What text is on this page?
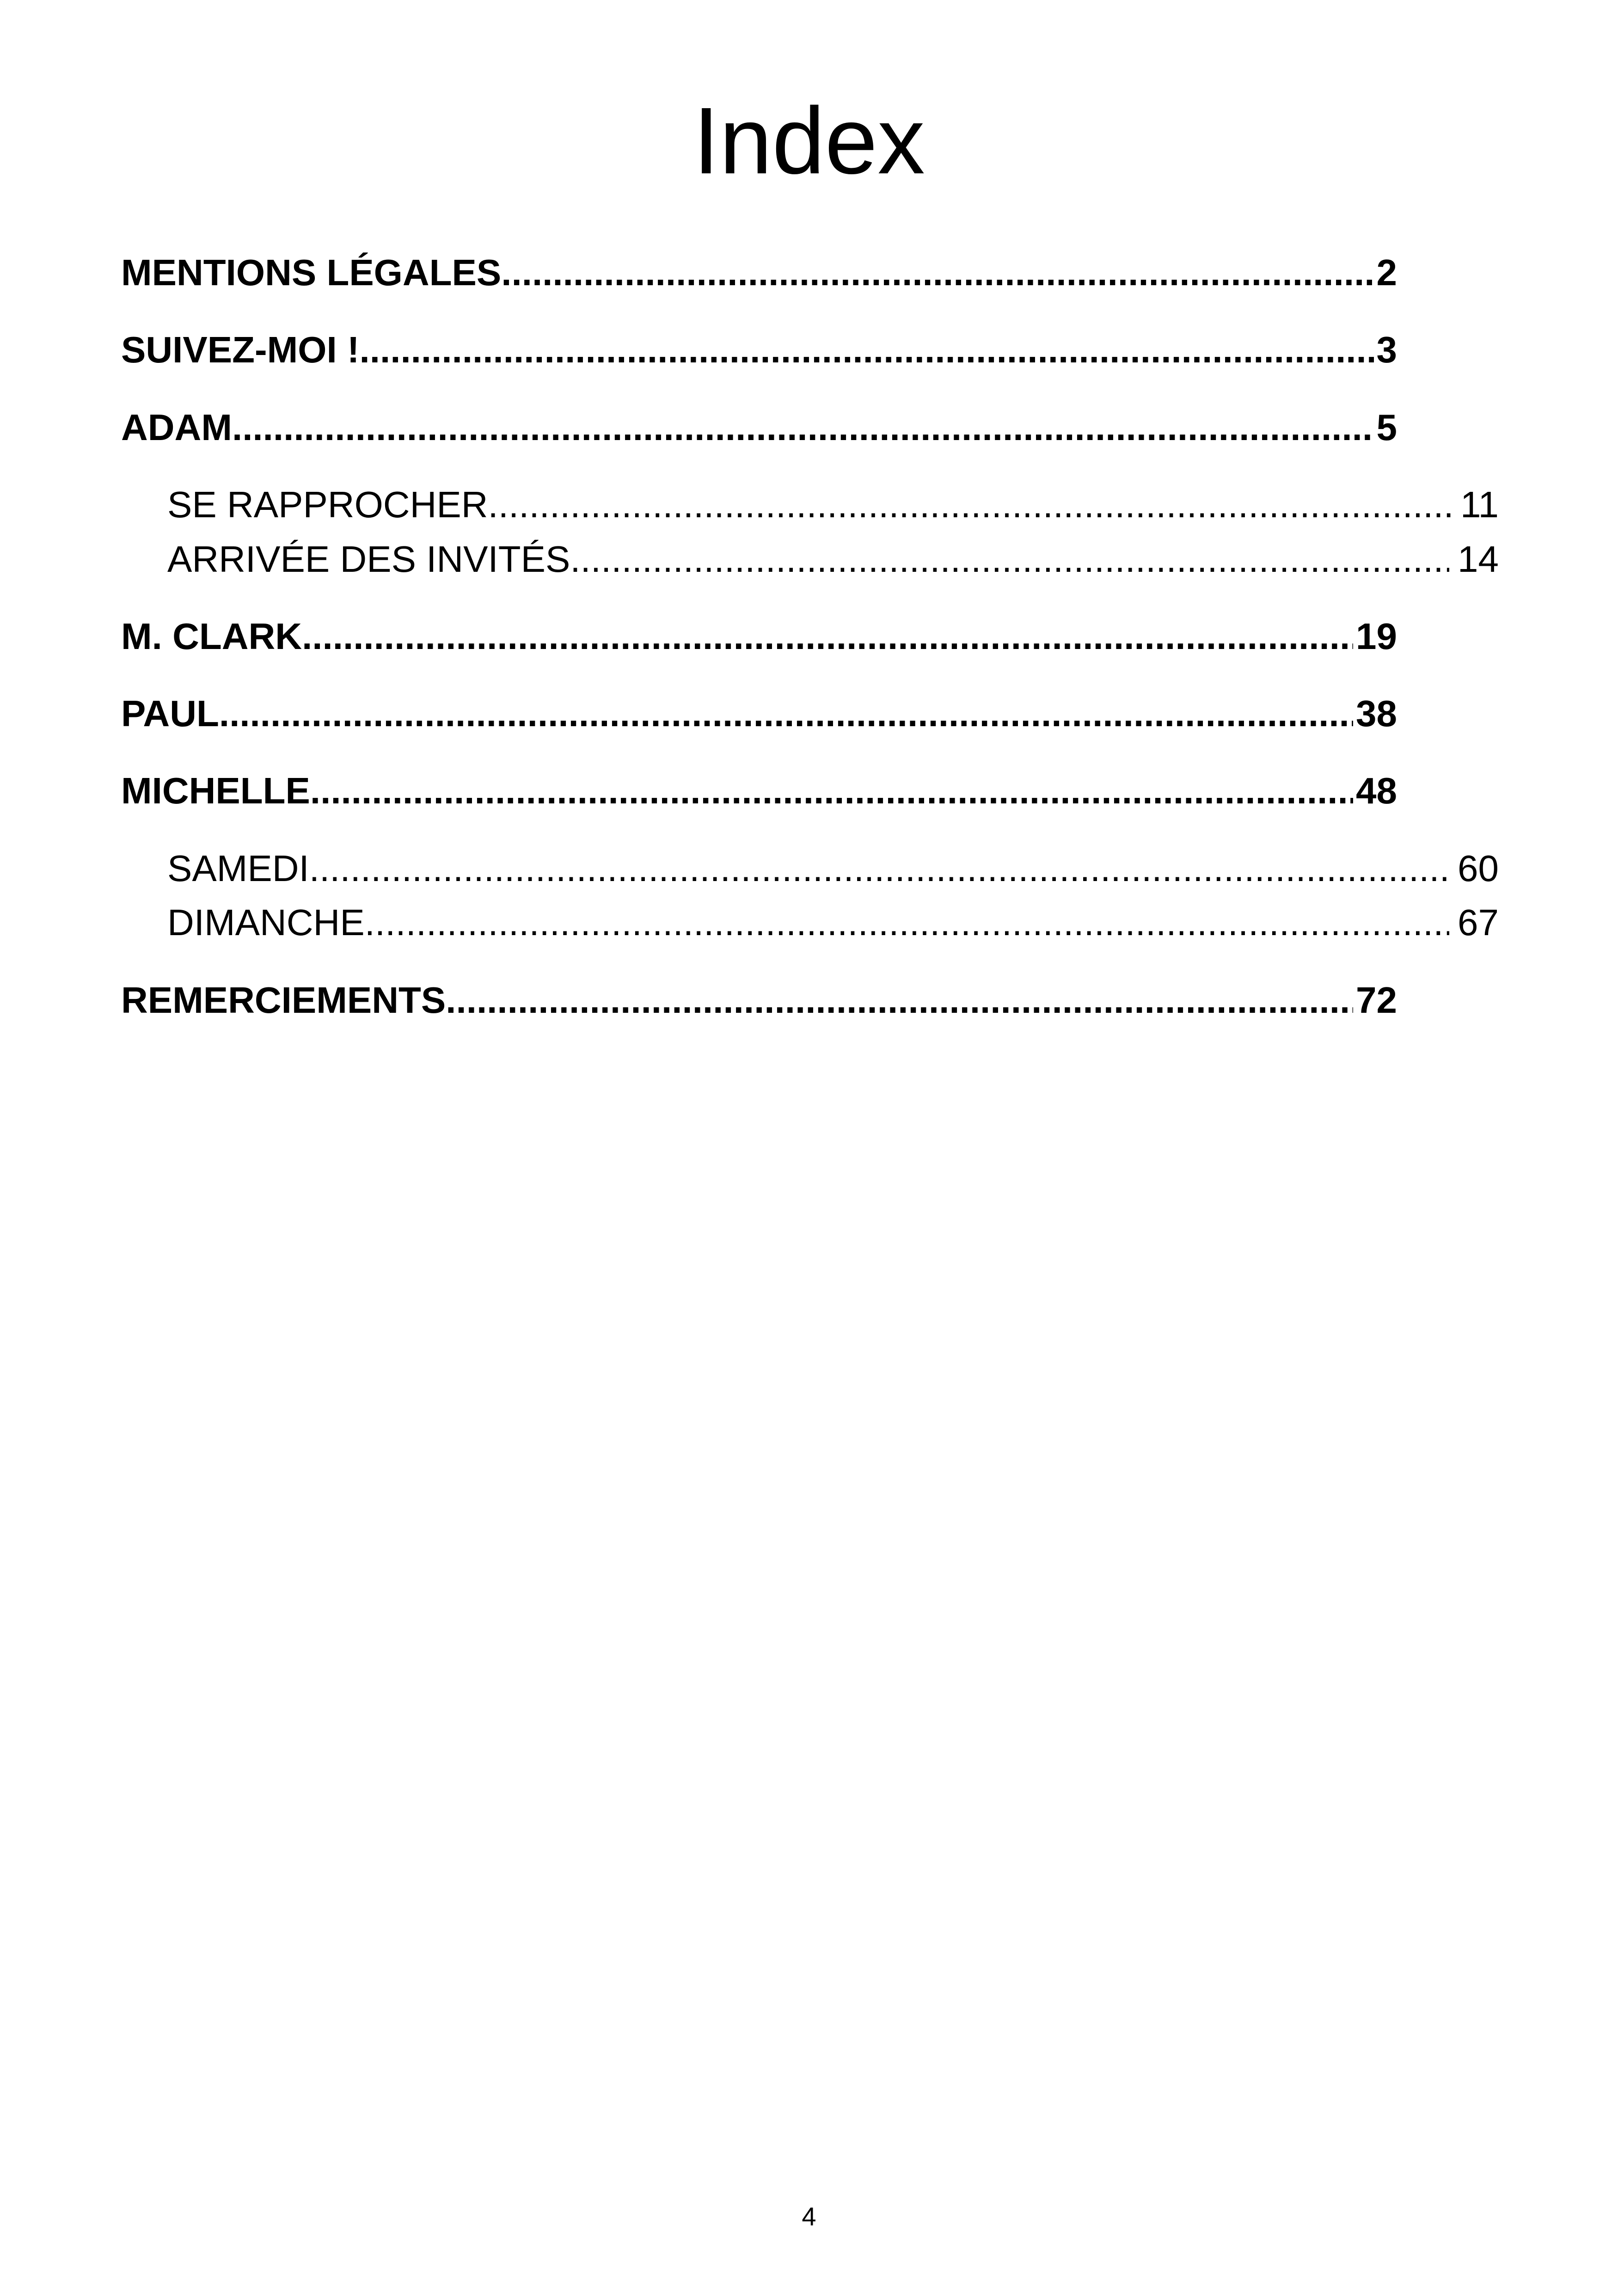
Index
MENTIONS LÉGALES .....	2
SUIVEZ-MOI ! .....	3
ADAM .....	5
SE RAPPROCHER .....	11
ARRIVÉE DES INVITÉS .....	14
M. CLARK .....	19
PAUL .....	38
MICHELLE .....	48
SAMEDI .....	60
DIMANCHE .....	67
REMERCIEMENTS .....	72
4
